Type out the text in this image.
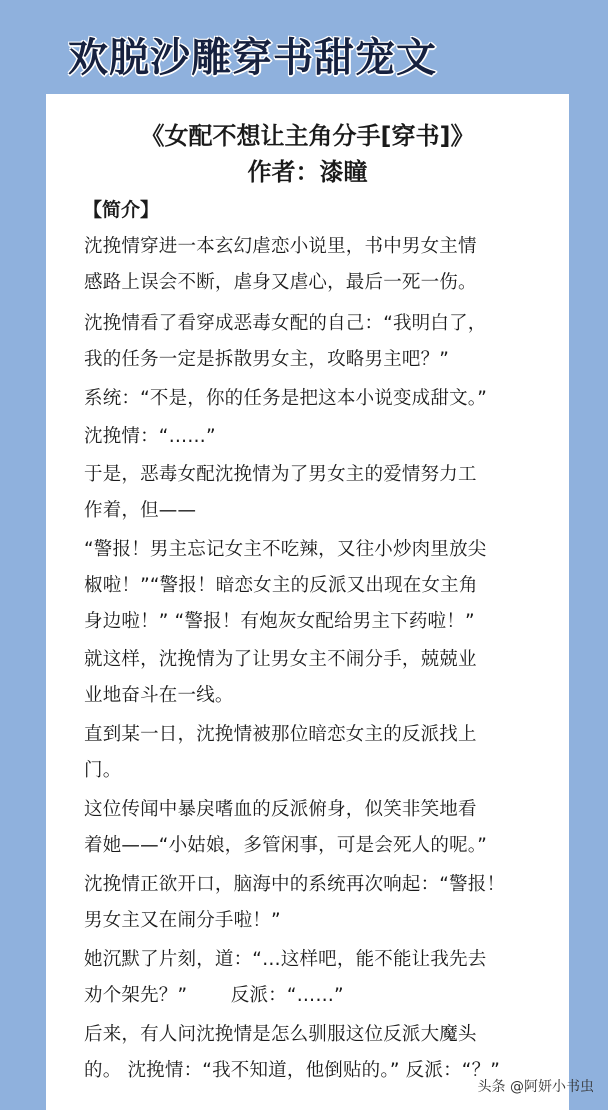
欢脱沙雕穿书甜宠文
《女配不想让主角分手[穿书]》
作者：漆瞳
【简介】
沈挽情穿进一本玄幻虐恋小说里，书中男女主情
感路上误会不断，虐身又虐心，最后一死一伤。
沈挽情看了看穿成恶毒女配的自己：“我明白了，
我的任务一定是拆散男女主，攻略男主吧？”
系统：“不是，你的任务是把这本小说变成甜文。”
沈挽情：“……”
于是，恶毒女配沈挽情为了男女主的爱情努力工
作着，但——
“警报！男主忘记女主不吃辣，又往小炒肉里放尖
椒啦！”“警报！暗恋女主的反派又出现在女主角
身边啦！” “警报！有炮灰女配给男主下药啦！”
就这样，沈挽情为了让男女主不闹分手，兢兢业
业地奋斗在一线。
直到某一日，沈挽情被那位暗恋女主的反派找上
门。
这位传闻中暴戾嗜血的反派俯身，似笑非笑地看
着她——“小姑娘，多管闲事，可是会死人的呢。”
沈挽情正欲开口，脑海中的系统再次响起：“警报！
男女主又在闹分手啦！”
她沉默了片刻，道：“…这样吧，能不能让我先去
劝个架先？”　　 反派：“……”
后来，有人问沈挽情是怎么驯服这位反派大魔头
的。 沈挽情：“我不知道，他倒贴的。” 反派：“？”
头条 @阿妍小书虫
